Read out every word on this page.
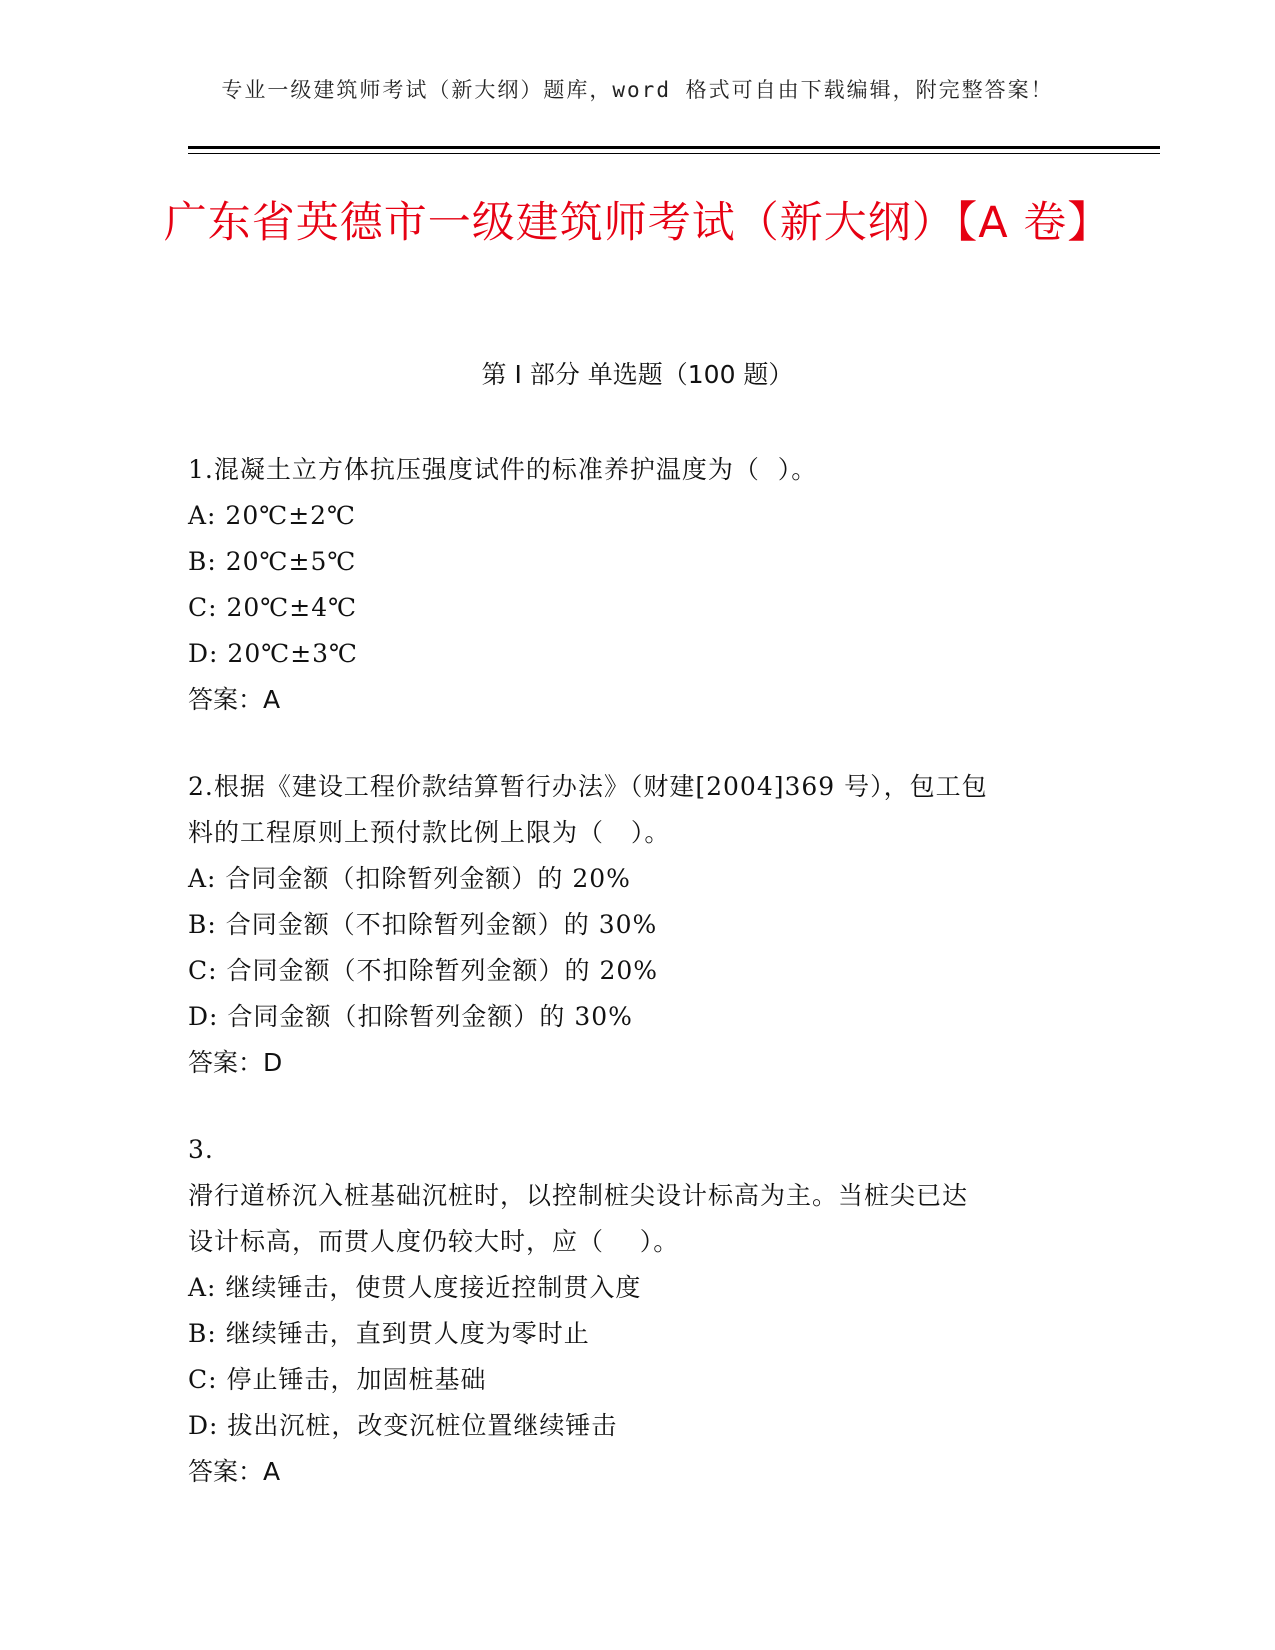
专业一级建筑师考试（新大纲）题库，word 格式可自由下载编辑，附完整答案！
广东省英德市一级建筑师考试（新大纲）【A 卷】
第 I 部分 单选题（100 题）
1.混凝土立方体抗压强度试件的标准养护温度为（  ）。
A: 20℃±2℃
B: 20℃±5℃
C: 20℃±4℃
D: 20℃±3℃
答案：A
2.根据《建设工程价款结算暂行办法》（财建[2004]369 号），包工包
料的工程原则上预付款比例上限为（   ）。
A: 合同金额（扣除暂列金额）的 20%
B: 合同金额（不扣除暂列金额）的 30%
C: 合同金额（不扣除暂列金额）的 20%
D: 合同金额（扣除暂列金额）的 30%
答案：D
3.
滑行道桥沉入桩基础沉桩时，以控制桩尖设计标高为主。当桩尖已达
设计标高，而贯人度仍较大时，应（    ）。
A: 继续锤击，使贯人度接近控制贯入度
B: 继续锤击，直到贯人度为零时止
C: 停止锤击，加固桩基础
D: 拔出沉桩，改变沉桩位置继续锤击
答案：A
